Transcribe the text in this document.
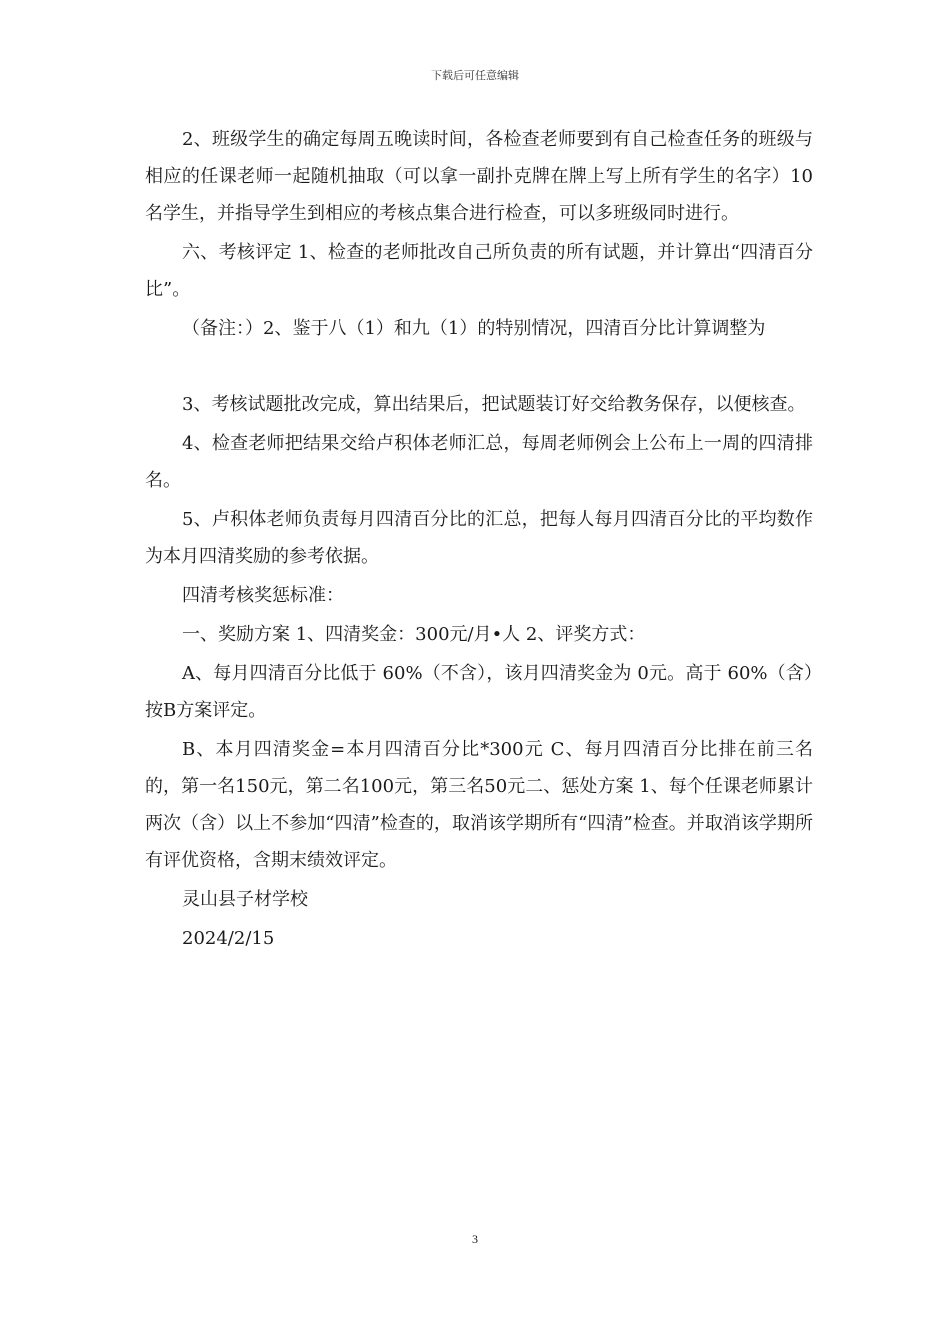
下载后可任意编辑

2、班级学生的确定每周五晚读时间，各检查老师要到有自己检查任务的班级与相应的任课老师一起随机抽取（可以拿一副扑克牌在牌上写上所有学生的名字）10名学生，并指导学生到相应的考核点集合进行检查，可以多班级同时进行。

六、考核评定 1、检查的老师批改自己所负责的所有试题，并计算出“四清百分比”。

（备注：）2、鉴于八（1）和九（1）的特别情况，四清百分比计算调整为

3、考核试题批改完成，算出结果后，把试题装订好交给教务保存，以便核查。

4、检查老师把结果交给卢积体老师汇总，每周老师例会上公布上一周的四清排名。

5、卢积体老师负责每月四清百分比的汇总，把每人每月四清百分比的平均数作为本月四清奖励的参考依据。

四清考核奖惩标准：

一、奖励方案 1、四清奖金：300元/月•人 2、评奖方式：

A、每月四清百分比低于 60%（不含），该月四清奖金为 0元。高于 60%（含）按B方案评定。

B、本月四清奖金=本月四清百分比*300元 C、每月四清百分比排在前三名的，第一名150元，第二名100元，第三名50元二、惩处方案 1、每个任课老师累计两次（含）以上不参加“四清”检查的，取消该学期所有“四清”检查。并取消该学期所有评优资格，含期末绩效评定。

灵山县子材学校

2024/2/15

3
